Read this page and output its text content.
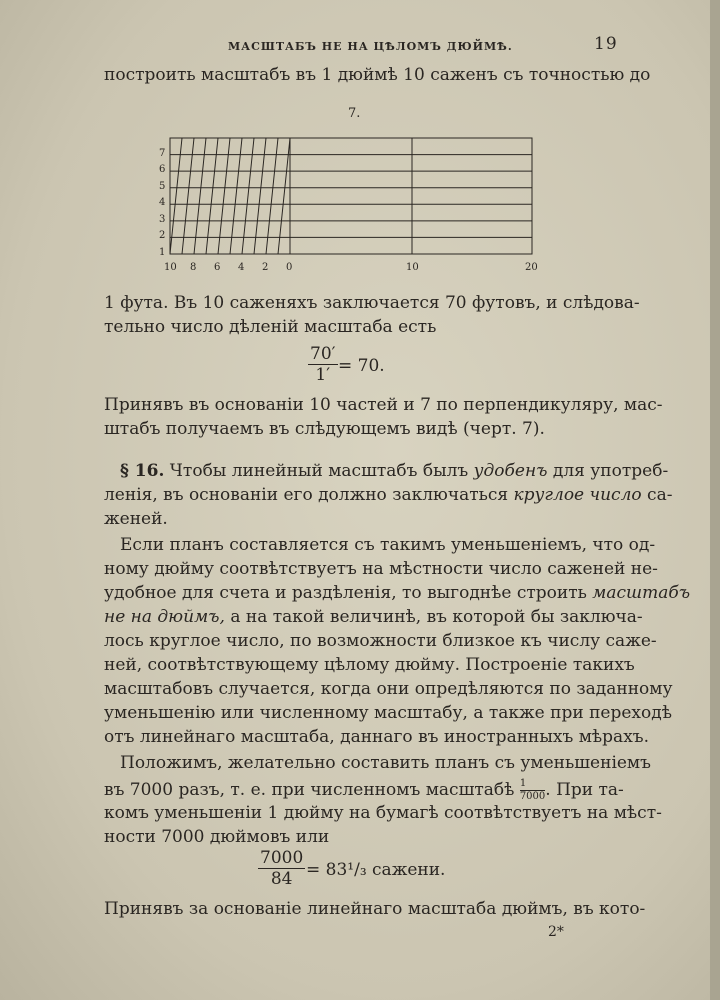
МАСШТАБЪ НЕ НА ЦѢЛОМЪ ДЮЙМѢ.	19
построить масштабъ въ 1 дюймѣ 10 саженъ съ точностью до
7.
1
2
3
4
5
6
7
10 8 6 4 2 0	10	20
1 фута. Въ 10 саженяхъ заключается 70 футовъ, и слѣдова-
тельно число дѣленій масштаба есть
$\frac{70'}{1'} = 70$.
Принявъ въ основаніи 10 частей и 7 по перпендикуляру, мас-
штабъ получаемъ въ слѣдующемъ видѣ (черт. 7).
§ 16. Чтобы линейный масштабъ былъ удобенъ для употреб-
ленія, въ основаніи его должно заключаться круглое число са-
женей.
Если планъ составляется съ такимъ уменьшеніемъ, что од-
ному дюйму соотвѣтствуетъ на мѣстности число саженей не-
удобное для счета и раздѣленія, то выгоднѣе строить масштабъ
не на дюймъ, а на такой величинѣ, въ которой бы заключа-
лось круглое число, по возможности близкое къ числу саже-
ней, соотвѣтствующему цѣлому дюйму. Построеніе такихъ
масштабовъ случается, когда они опредѣляются по заданному
уменьшенію или численному масштабу, а также при переходѣ
отъ линейнаго масштаба, даннаго въ иностранныхъ мѣрахъ.
Положимъ, желательно составить планъ съ уменьшеніемъ
въ 7000 разъ, т. е. при численномъ масштабѣ $\frac{1}{7000}$. При та-
комъ уменьшеніи 1 дюйму на бумагѣ соотвѣтствуетъ на мѣст-
ности 7000 дюймовъ или
$\frac{7000}{84} = 83^1/_3$ сажени.
Принявъ за основаніе линейнаго масштаба дюймъ, въ кото-
2*
